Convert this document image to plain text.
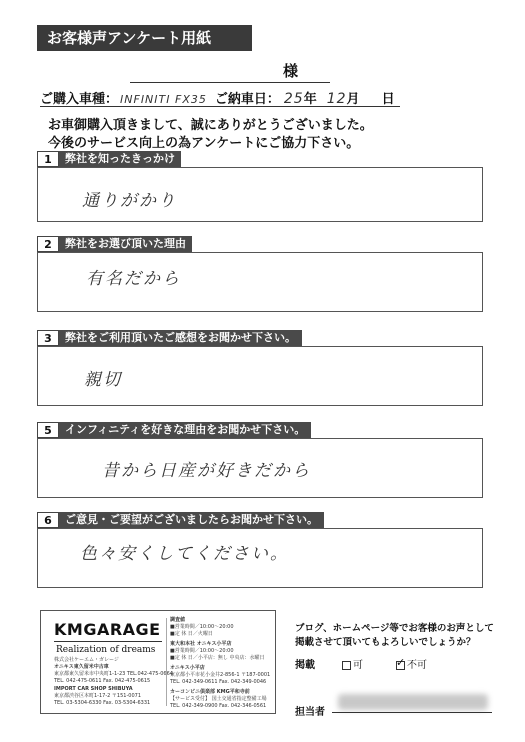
お客様声アンケート用紙
様
ご購入車種： INFINITI FX35 ご納車日： 25年 12月 日
お車御購入頂きまして、誠にありがとうございました。
今後のサービス向上の為アンケートにご協力下さい。
1	弊社を知ったきっかけ
通りがかり
2	弊社をお選び頂いた理由
有名だから
3	弊社をご利用頂いたご感想をお聞かせ下さい。
親切
5	インフィニティを好きな理由をお聞かせ下さい。
昔から日産が好きだから
6	ご意見・ご要望がございましたらお聞かせ下さい。
色々安くしてください。
KMGARAGE
Realization of dreams
株式会社ケーエム・ガレージ
オニキス東久留米中古車
東京都東久留米市中央町1-1-23 TEL.042-475-0664
TEL. 042-475-0611 Fax. 042-475-0615
IMPORT CAR SHOP SHIBUYA
東京都渋谷区本町1-17-2 〒151-0071
TEL. 03-5304-6330 Fax. 03-5304-6331
調査値
■営業時間／10:00〜20:00
■定 休 日／火曜日
東大和本社 オニキス小平店
■営業時間／10:00〜20:00
■定 休 日／小平店：無し 中央店：水曜日
オニキス小平店
東京都小平市花小金井2-856-1 〒187-0001
TEL. 042-349-0611 Fax. 042-349-0046
カーコンビニ倶楽部 KMG平和寺前
【サービス受付】 国土交通省指定整備工場
TEL. 042-349-0900 Fax. 042-346-0561
ブログ、ホームページ等でお客様のお声として
掲載させて頂いてもよろしいでしょうか？
掲載	可	✓ 不可
担当者
